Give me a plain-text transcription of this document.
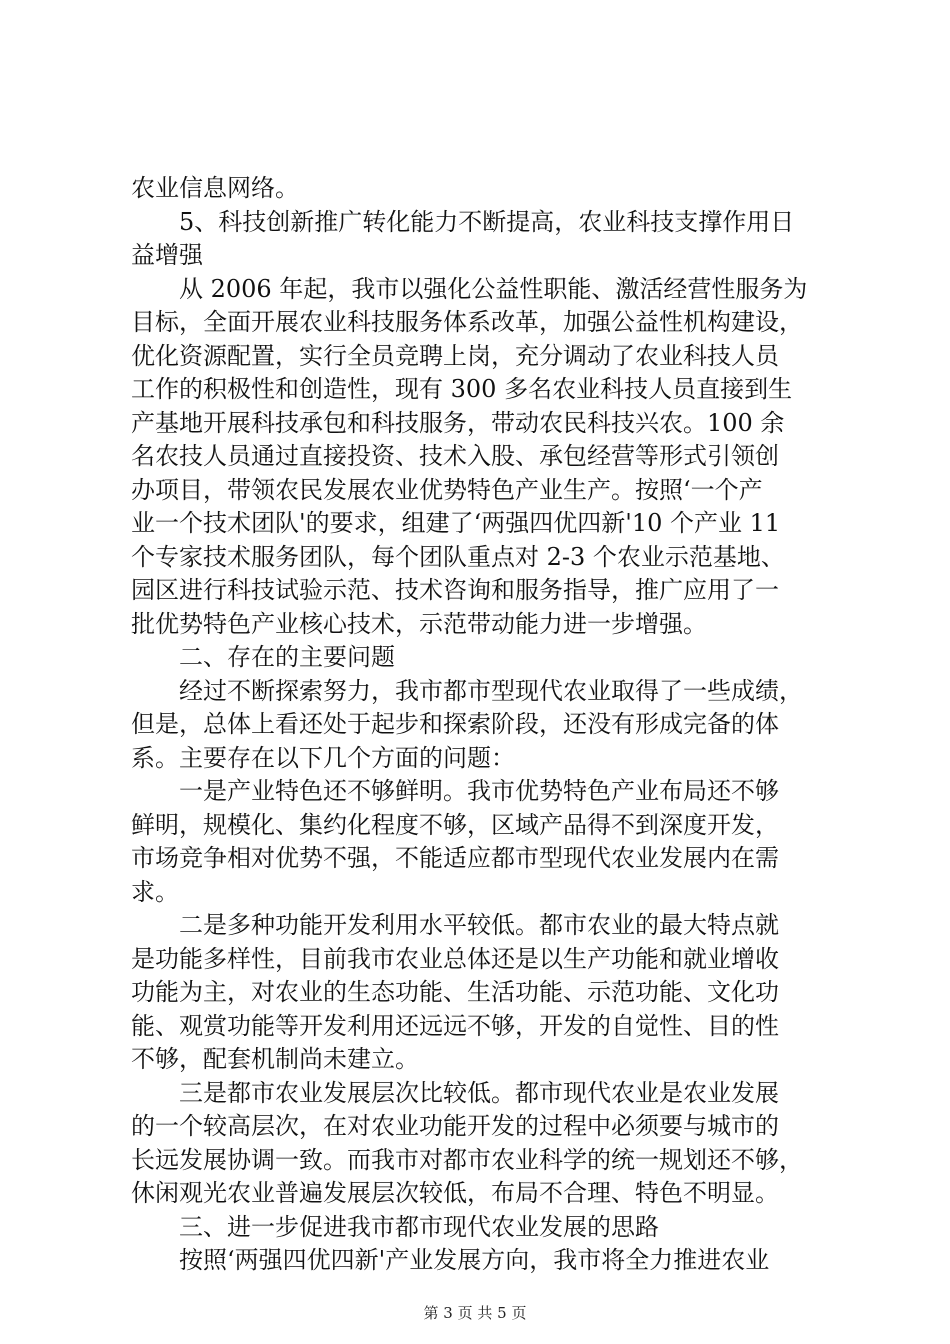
农业信息网络。
5、科技创新推广转化能力不断提高，农业科技支撑作用日
益增强
从 2006 年起，我市以强化公益性职能、激活经营性服务为
目标，全面开展农业科技服务体系改革，加强公益性机构建设，
优化资源配置，实行全员竞聘上岗，充分调动了农业科技人员
工作的积极性和创造性，现有 300 多名农业科技人员直接到生
产基地开展科技承包和科技服务，带动农民科技兴农。100 余
名农技人员通过直接投资、技术入股、承包经营等形式引领创
办项目，带领农民发展农业优势特色产业生产。按照‘一个产
业一个技术团队'的要求，组建了‘两强四优四新'10 个产业 11
个专家技术服务团队，每个团队重点对 2-3 个农业示范基地、
园区进行科技试验示范、技术咨询和服务指导，推广应用了一
批优势特色产业核心技术，示范带动能力进一步增强。
二、存在的主要问题
经过不断探索努力，我市都市型现代农业取得了一些成绩，
但是，总体上看还处于起步和探索阶段，还没有形成完备的体
系。主要存在以下几个方面的问题：
一是产业特色还不够鲜明。我市优势特色产业布局还不够
鲜明，规模化、集约化程度不够，区域产品得不到深度开发，
市场竞争相对优势不强，不能适应都市型现代农业发展内在需
求。
二是多种功能开发利用水平较低。都市农业的最大特点就
是功能多样性，目前我市农业总体还是以生产功能和就业增收
功能为主，对农业的生态功能、生活功能、示范功能、文化功
能、观赏功能等开发利用还远远不够，开发的自觉性、目的性
不够，配套机制尚未建立。
三是都市农业发展层次比较低。都市现代农业是农业发展
的一个较高层次，在对农业功能开发的过程中必须要与城市的
长远发展协调一致。而我市对都市农业科学的统一规划还不够，
休闲观光农业普遍发展层次较低，布局不合理、特色不明显。
三、进一步促进我市都市现代农业发展的思路
按照‘两强四优四新'产业发展方向，我市将全力推进农业
第 3 页 共 5 页
